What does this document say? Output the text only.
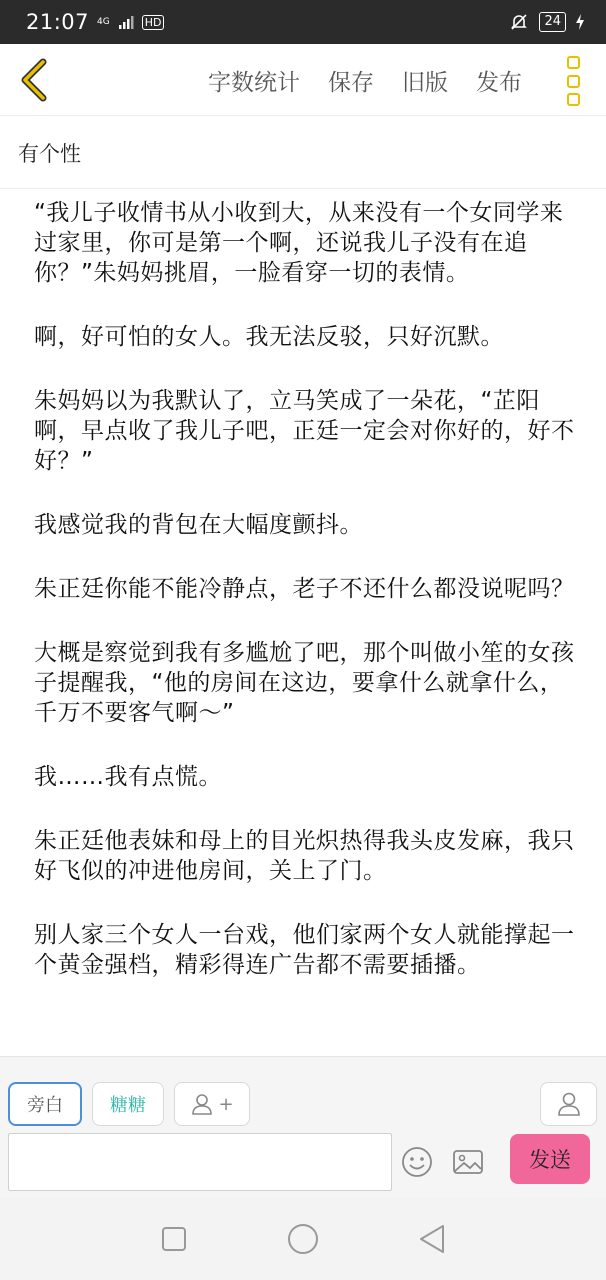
21:07 4G	HD	24
字数统计 保存 旧版 发布
有个性

“我儿子收情书从小收到大，从来没有一个女同学来过家里，你可是第一个啊，还说我儿子没有在追你？”朱妈妈挑眉，一脸看穿一切的表情。

啊，好可怕的女人。我无法反驳，只好沉默。

朱妈妈以为我默认了，立马笑成了一朵花，“芷阳啊，早点收了我儿子吧，正廷一定会对你好的，好不好？”

我感觉我的背包在大幅度颤抖。

朱正廷你能不能冷静点，老子不还什么都没说呢吗？

大概是察觉到我有多尴尬了吧，那个叫做小笙的女孩子提醒我，“他的房间在这边，要拿什么就拿什么，千万不要客气啊～”

我……我有点慌。

朱正廷他表妹和母上的目光炽热得我头皮发麻，我只好飞似的冲进他房间，关上了门。

别人家三个女人一台戏，他们家两个女人就能撑起一个黄金强档，精彩得连广告都不需要插播。

旁白	糖糖	+
发送
